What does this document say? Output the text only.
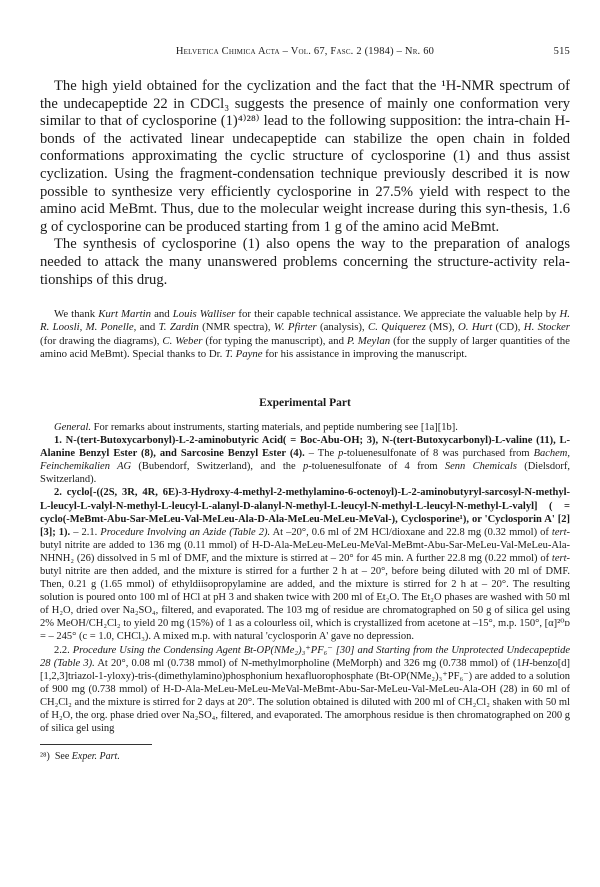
Helvetica Chimica Acta – Vol. 67, Fasc. 2 (1984) – Nr. 60	515

The high yield obtained for the cyclization and the fact that the ¹H-NMR spectrum of the undecapeptide 22 in CDCl₃ suggests the presence of mainly one conformation very similar to that of cyclosporine (1)⁴⁾²⁸⁾ lead to the following supposition: the intra-chain H-bonds of the activated linear undecapeptide can stabilize the open chain in folded conformations approximating the cyclic structure of cyclosporine (1) and thus assist cyclization. Using the fragment-condensation technique previously described it is now possible to synthesize very efficiently cyclosporine in 27.5% yield with respect to the amino acid MeBmt. Thus, due to the molecular weight increase during this syn-thesis, 1.6 g of cyclosporine can be produced starting from 1 g of the amino acid MeBmt.

The synthesis of cyclosporine (1) also opens the way to the preparation of analogs needed to attack the many unanswered problems concerning the structure-activity rela-tionships of this drug.

We thank Kurt Martin and Louis Walliser for their capable technical assistance. We appreciate the valuable help by H. R. Loosli, M. Ponelle, and T. Zardin (NMR spectra), W. Pfirter (analysis), C. Quiquerez (MS), O. Hurt (CD), H. Stocker (for drawing the diagrams), C. Weber (for typing the manuscript), and P. Meylan (for the supply of larger quantities of the amino acid MeBmt). Special thanks to Dr. T. Payne for his assistance in improving the manuscript.
Experimental Part

General. For remarks about instruments, starting materials, and peptide numbering see [1a][1b].

1. N-(tert-Butoxycarbonyl)-L-2-aminobutyric Acid( = Boc-Abu-OH; 3), N-(tert-Butoxycarbonyl)-L-valine (11), L-Alanine Benzyl Ester (8), and Sarcosine Benzyl Ester (4). – The p-toluenesulfonate of 8 was purchased from Bachem, Feinchemikalien AG (Bubendorf, Switzerland), and the p-toluenesulfonate of 4 from Senn Chemicals (Dielsdorf, Switzerland).

2. cyclo[-((2S, 3R, 4R, 6E)-3-Hydroxy-4-methyl-2-methylamino-6-octenoyl)-L-2-aminobutyryl-sarcosyl-N-methyl-L-leucyl-L-valyl-N-methyl-L-leucyl-L-alanyl-D-alanyl-N-methyl-L-leucyl-N-methyl-L-leucyl-N-methyl-L-valyl] ( = cyclo(-MeBmt-Abu-Sar-MeLeu-Val-MeLeu-Ala-D-Ala-MeLeu-MeLeu-MeVal-), Cyclosporine¹), or 'Cyclosporin A' [2][3]; 1). – 2.1. Procedure Involving an Azide (Table 2). At –20°, 0.6 ml of 2M HCl/dioxane and 22.8 mg (0.32 mmol) of tert-butyl nitrite are added to 136 mg (0.11 mmol) of H-D-Ala-MeLeu-MeLeu-MeVal-MeBmt-Abu-Sar-MeLeu-Val-MeLeu-Ala-NHNH₂ (26) dissolved in 5 ml of DMF, and the mixture is stirred at – 20° for 45 min. A further 22.8 mg (0.22 mmol) of tert-butyl nitrite are then added, and the mixture is stirred for a further 2 h at – 20°, before being diluted with 20 ml of DMF. Then, 0.21 g (1.65 mmol) of ethyldiisopropylamine are added, and the mixture is stirred for 2 h at – 20°. The resulting solution is poured onto 100 ml of HCl at pH 3 and shaken twice with 200 ml of Et₂O. The Et₂O phases are washed with 50 ml of H₂O, dried over Na₂SO₄, filtered, and evaporated. The 103 mg of residue are chromatographed on 50 g of silica gel using 2% MeOH/CH₂Cl₂ to yield 20 mg (15%) of 1 as a colourless oil, which is crystallized from acetone at –15°, m.p. 150°, [α]²⁰ᴅ = – 245° (c = 1.0, CHCl₃). A mixed m.p. with natural 'cyclosporin A' gave no depression.

2.2. Procedure Using the Condensing Agent Bt-OP(NMe₂)₃⁺PF₆⁻ [30] and Starting from the Unprotected Undecapeptide 28 (Table 3). At 20°, 0.08 ml (0.738 mmol) of N-methylmorpholine (MeMorph) and 326 mg (0.738 mmol) of (1H-benzo[d][1,2,3]triazol-1-yloxy)-tris-(dimethylamino)phosphonium hexafluorophosphate (Bt-OP(NMe₂)₃⁺PF₆⁻) are added to a solution of 900 mg (0.738 mmol) of H-D-Ala-MeLeu-MeLeu-MeVal-MeBmt-Abu-Sar-MeLeu-Val-MeLeu-Ala-OH (28) in 60 ml of CH₂Cl₂ and the mixture is stirred for 2 days at 20°. The solution obtained is diluted with 200 ml of CH₂Cl₂ shaken with 50 ml of H₂O, the org. phase dried over Na₂SO₄, filtered, and evaporated. The amorphous residue is then chromatographed on 200 g of silica gel using

²⁸) See Exper. Part.
